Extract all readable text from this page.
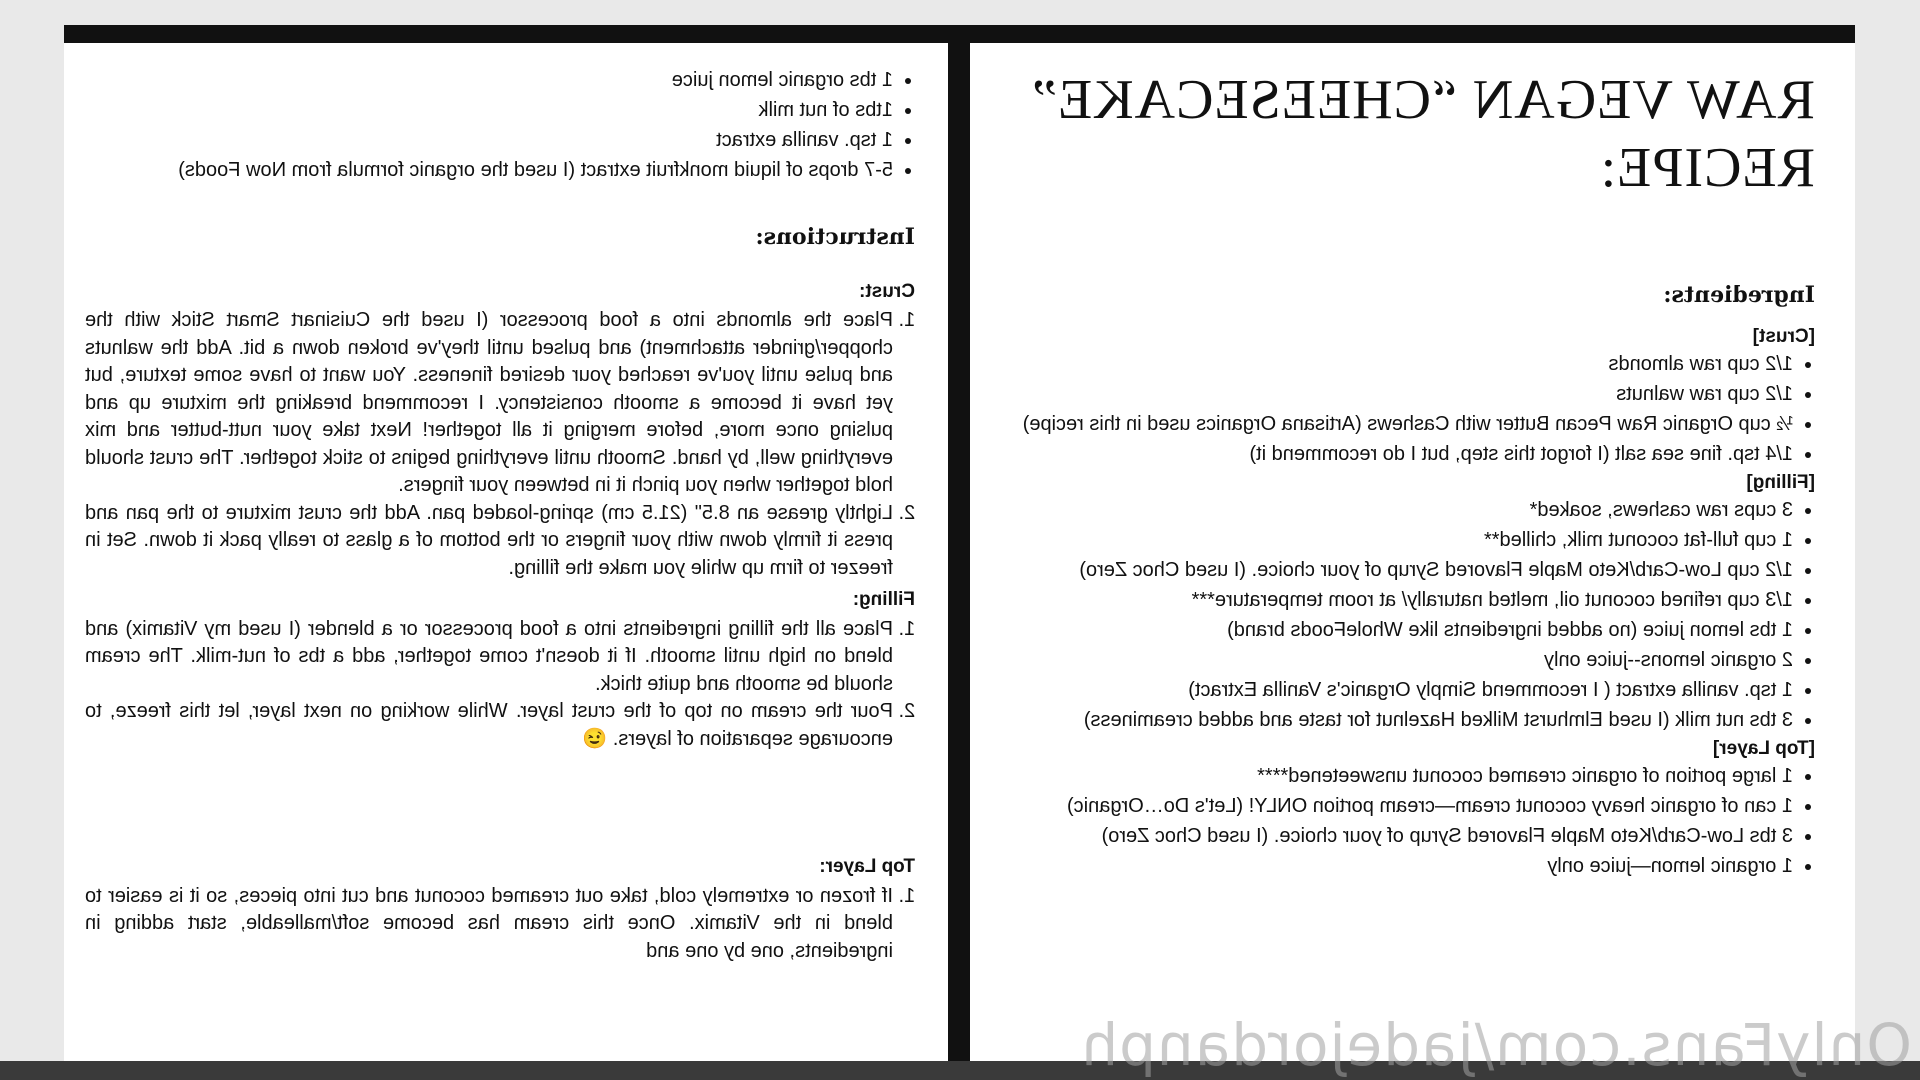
RAW VEGAN “CHEESECAKE” RECIPE:
Ingredients:
[Crust]
• 1/2 cup raw almonds
• 1/2 cup raw walnuts
• ½ cup Organic Raw Pecan Butter with Cashews (Artisana Organics used in this recipe)
• 1/4 tsp. fine sea salt (I forgot this step, but I do recommend it)
[Filling]
• 3 cups raw cashews, soaked*
• 1 cup full-fat coconut milk, chilled**
• 1/2 cup Low-Carb/Keto Maple Flavored Syrup of your choice. (I used Choc Zero)
• 1/3 cup refined coconut oil, melted naturally/ at room temperature***
• 1 tbs lemon juice (no added ingredients like WholeFoods brand)
• 2 organic lemons--juice only
• 1 tsp. vanilla extract ( I recommend Simply Organic's Vanilla Extract)
• 3 tbs nut milk (I used Elmhurst Milked Hazelnut for taste and added creaminess)
[Top Layer]
• 1 large portion of organic creamed coconut unsweetened****
• 1 can of organic heavy coconut cream—cream portion ONLY! (Let's Do…Organic)
• 3 tbs Low-Carb/Keto Maple Flavored Syrup of your choice. (I used Choc Zero)
• 1 organic lemon—juice only
• 1 tbs organic lemon juice
• 1tbs of nut milk
• 1 tsp. vanilla extract
• 5-7 drops of liquid monkfruit extract (I used the organic formula from Now Foods)
Instructions:
Crust:
1. Place the almonds into a food processor (I used the Cuisinart Smart Stick with the chopper/grinder attachment) and pulsed until they've broken down a bit. Add the walnuts and pulse until you've reached your desired fineness. You want to have some texture, but yet have it become a smooth consistency. I recommend breaking the mixture up and pulsing once more, before merging it all together! Next take your nutt-butter and mix everything well, by hand. Smooth until everything begins to stick together. The crust should hold together when you pinch it in between your fingers.
2. Lightly grease an 8.5" (21.5 cm) spring-loaded pan. Add the crust mixture to the pan and press it firmly down with your fingers or the bottom of a glass to really pack it down. Set in freezer to firm up while you make the filling.
Filling:
1. Place all the filling ingredients into a food processor or a blender (I used my Vitamix) and blend on high until smooth. If it doesn't come together, add a tbs of nut-milk. The cream should be smooth and quite thick.
2. Pour the cream on top of the crust layer. While working on next layer, let this freeze, to encourage separation of layers. 😉
Top Layer:
1. If frozen or extremely cold, take out creamed coconut and cut into pieces, so it is easier to blend in the Vitamix. Once this cream has become soft/malleable, start adding in ingredients, one by one and
OnlyFans.com/jadejordanph
